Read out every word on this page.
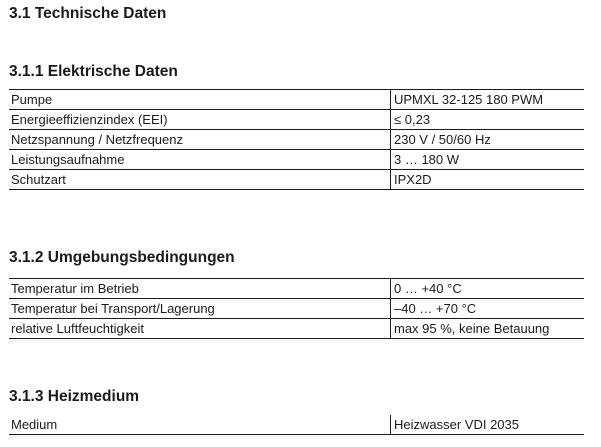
3.1 Technische Daten
3.1.1 Elektrische Daten
Pumpe	UPMXL 32-125 180 PWM
Energieeffizienzindex (EEI)	≤ 0,23
Netzspannung / Netzfrequenz	230 V / 50/60 Hz
Leistungsaufnahme	3 … 180 W
Schutzart	IPX2D
3.1.2 Umgebungsbedingungen
Temperatur im Betrieb	0 … +40 °C
Temperatur bei Transport/Lagerung	–40 … +70 °C
relative Luftfeuchtigkeit	max 95 %, keine Betauung
3.1.3 Heizmedium
Medium	Heizwasser VDI 2035
